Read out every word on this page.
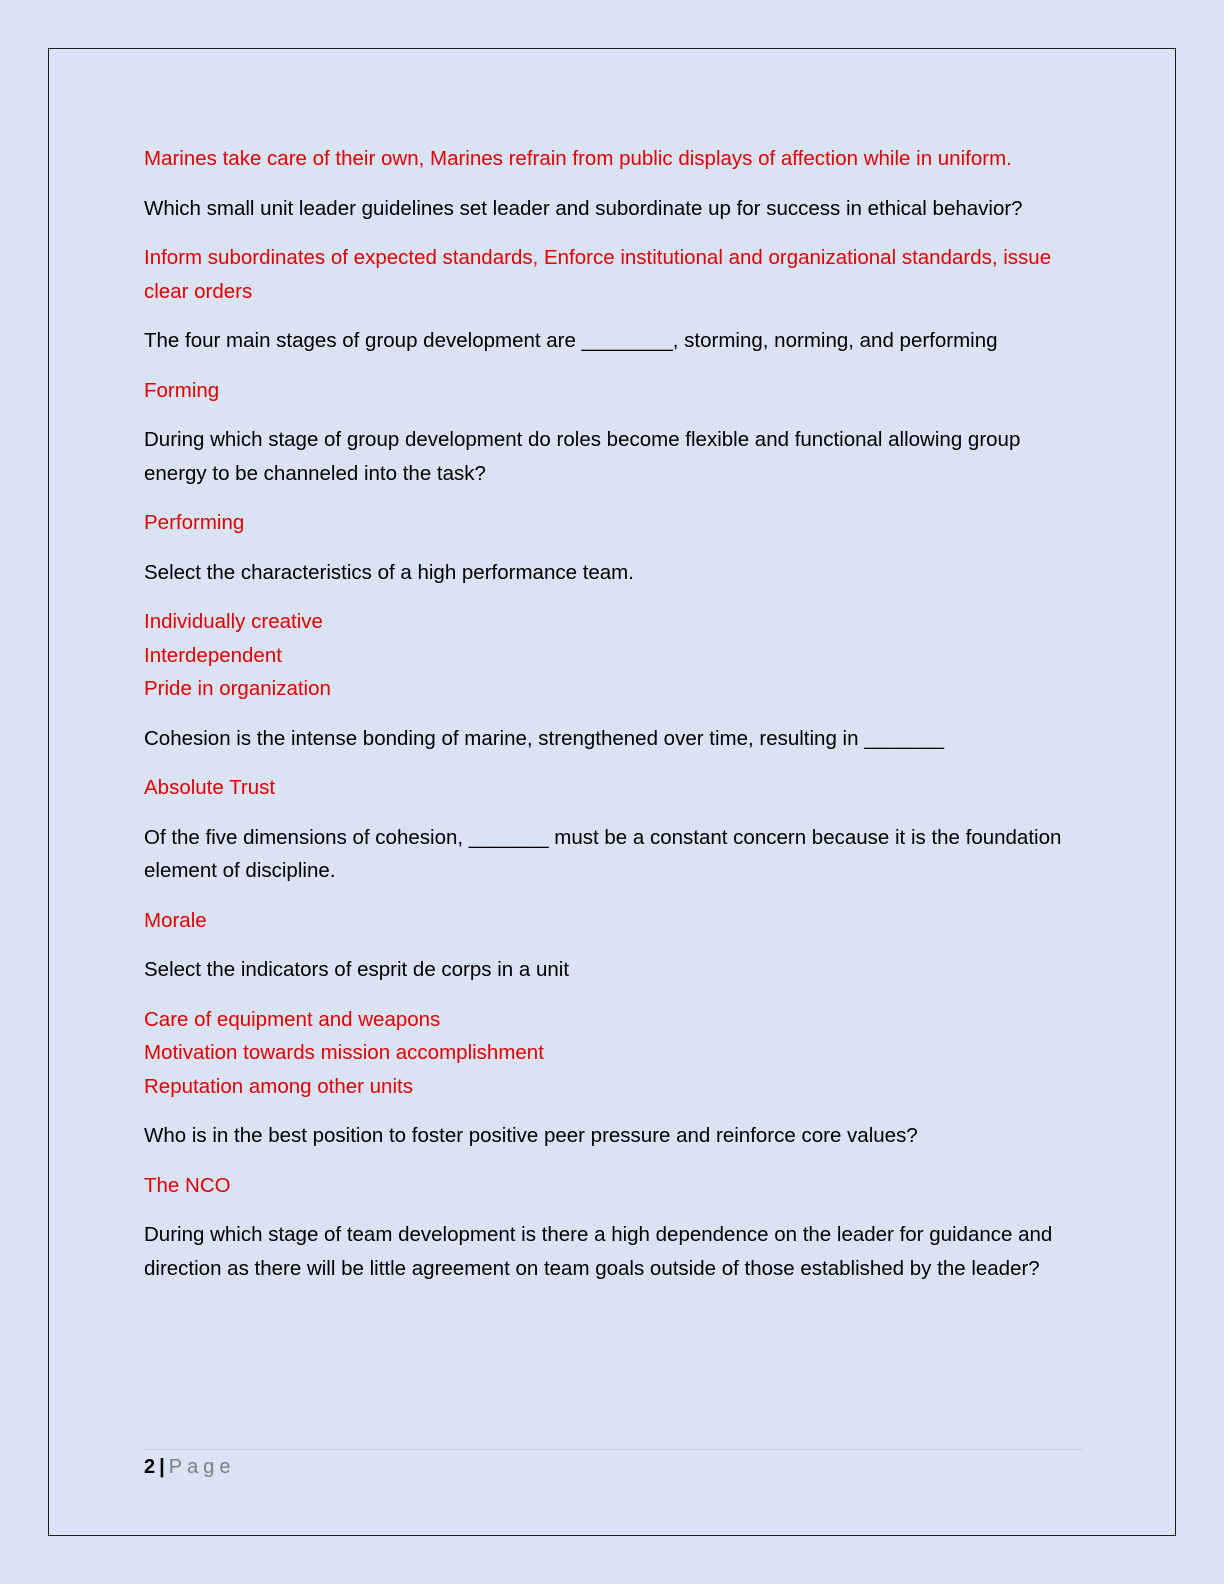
Marines take care of their own, Marines refrain from public displays of affection while in uniform.

Which small unit leader guidelines set leader and subordinate up for success in ethical behavior?

Inform subordinates of expected standards, Enforce institutional and organizational standards, issue clear orders

The four main stages of group development are ________, storming, norming, and performing

Forming

During which stage of group development do roles become flexible and functional allowing group energy to be channeled into the task?

Performing

Select the characteristics of a high performance team.

Individually creative
Interdependent
Pride in organization

Cohesion is the intense bonding of marine, strengthened over time, resulting in _______

Absolute Trust

Of the five dimensions of cohesion, _______ must be a constant concern because it is the foundation element of discipline.

Morale

Select the indicators of esprit de corps in a unit

Care of equipment and weapons
Motivation towards mission accomplishment
Reputation among other units

Who is in the best position to foster positive peer pressure and reinforce core values?

The NCO

During which stage of team development is there a high dependence on the leader for guidance and direction as there will be little agreement on team goals outside of those established by the leader?

2 | Page
